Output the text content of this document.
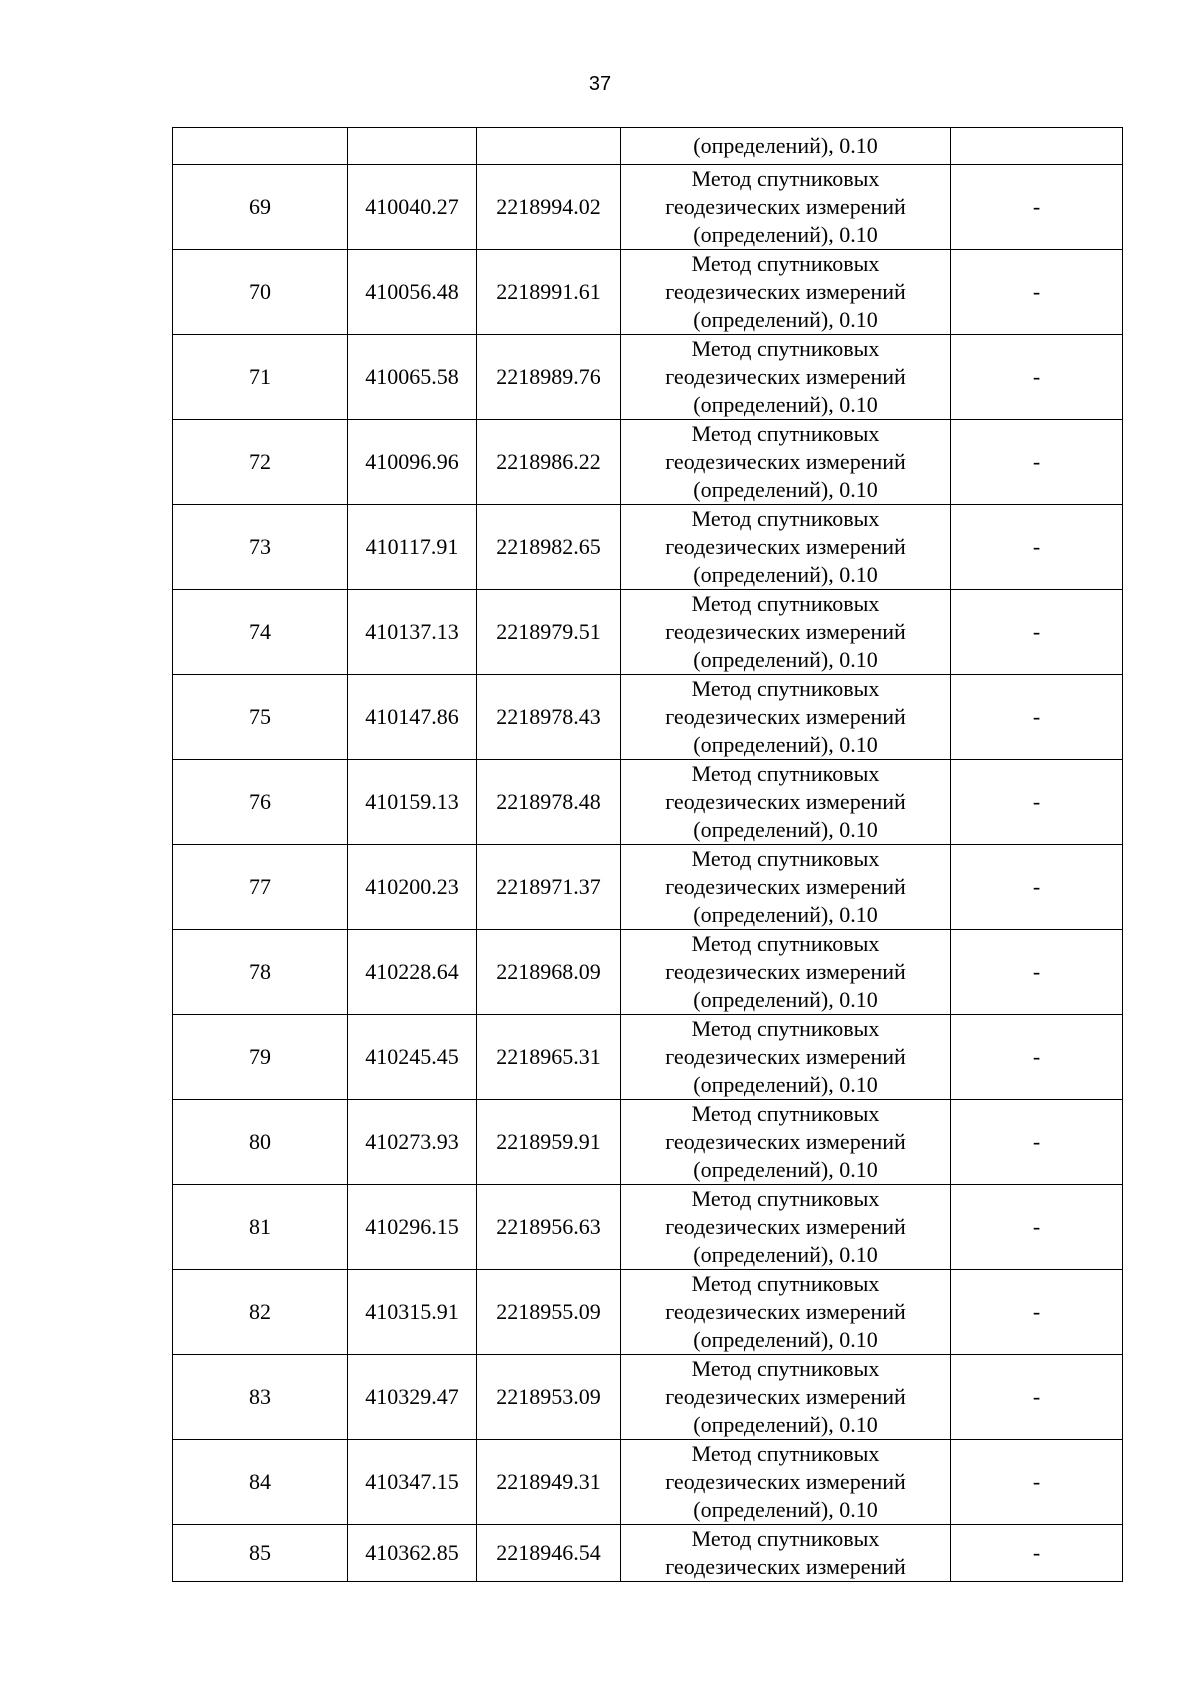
37
			(определений), 0.10	
69	410040.27	2218994.02	Метод спутниковых
геодезических измерений
(определений), 0.10	-
70	410056.48	2218991.61	Метод спутниковых
геодезических измерений
(определений), 0.10	-
71	410065.58	2218989.76	Метод спутниковых
геодезических измерений
(определений), 0.10	-
72	410096.96	2218986.22	Метод спутниковых
геодезических измерений
(определений), 0.10	-
73	410117.91	2218982.65	Метод спутниковых
геодезических измерений
(определений), 0.10	-
74	410137.13	2218979.51	Метод спутниковых
геодезических измерений
(определений), 0.10	-
75	410147.86	2218978.43	Метод спутниковых
геодезических измерений
(определений), 0.10	-
76	410159.13	2218978.48	Метод спутниковых
геодезических измерений
(определений), 0.10	-
77	410200.23	2218971.37	Метод спутниковых
геодезических измерений
(определений), 0.10	-
78	410228.64	2218968.09	Метод спутниковых
геодезических измерений
(определений), 0.10	-
79	410245.45	2218965.31	Метод спутниковых
геодезических измерений
(определений), 0.10	-
80	410273.93	2218959.91	Метод спутниковых
геодезических измерений
(определений), 0.10	-
81	410296.15	2218956.63	Метод спутниковых
геодезических измерений
(определений), 0.10	-
82	410315.91	2218955.09	Метод спутниковых
геодезических измерений
(определений), 0.10	-
83	410329.47	2218953.09	Метод спутниковых
геодезических измерений
(определений), 0.10	-
84	410347.15	2218949.31	Метод спутниковых
геодезических измерений
(определений), 0.10	-
85	410362.85	2218946.54	Метод спутниковых
геодезических измерений	-
